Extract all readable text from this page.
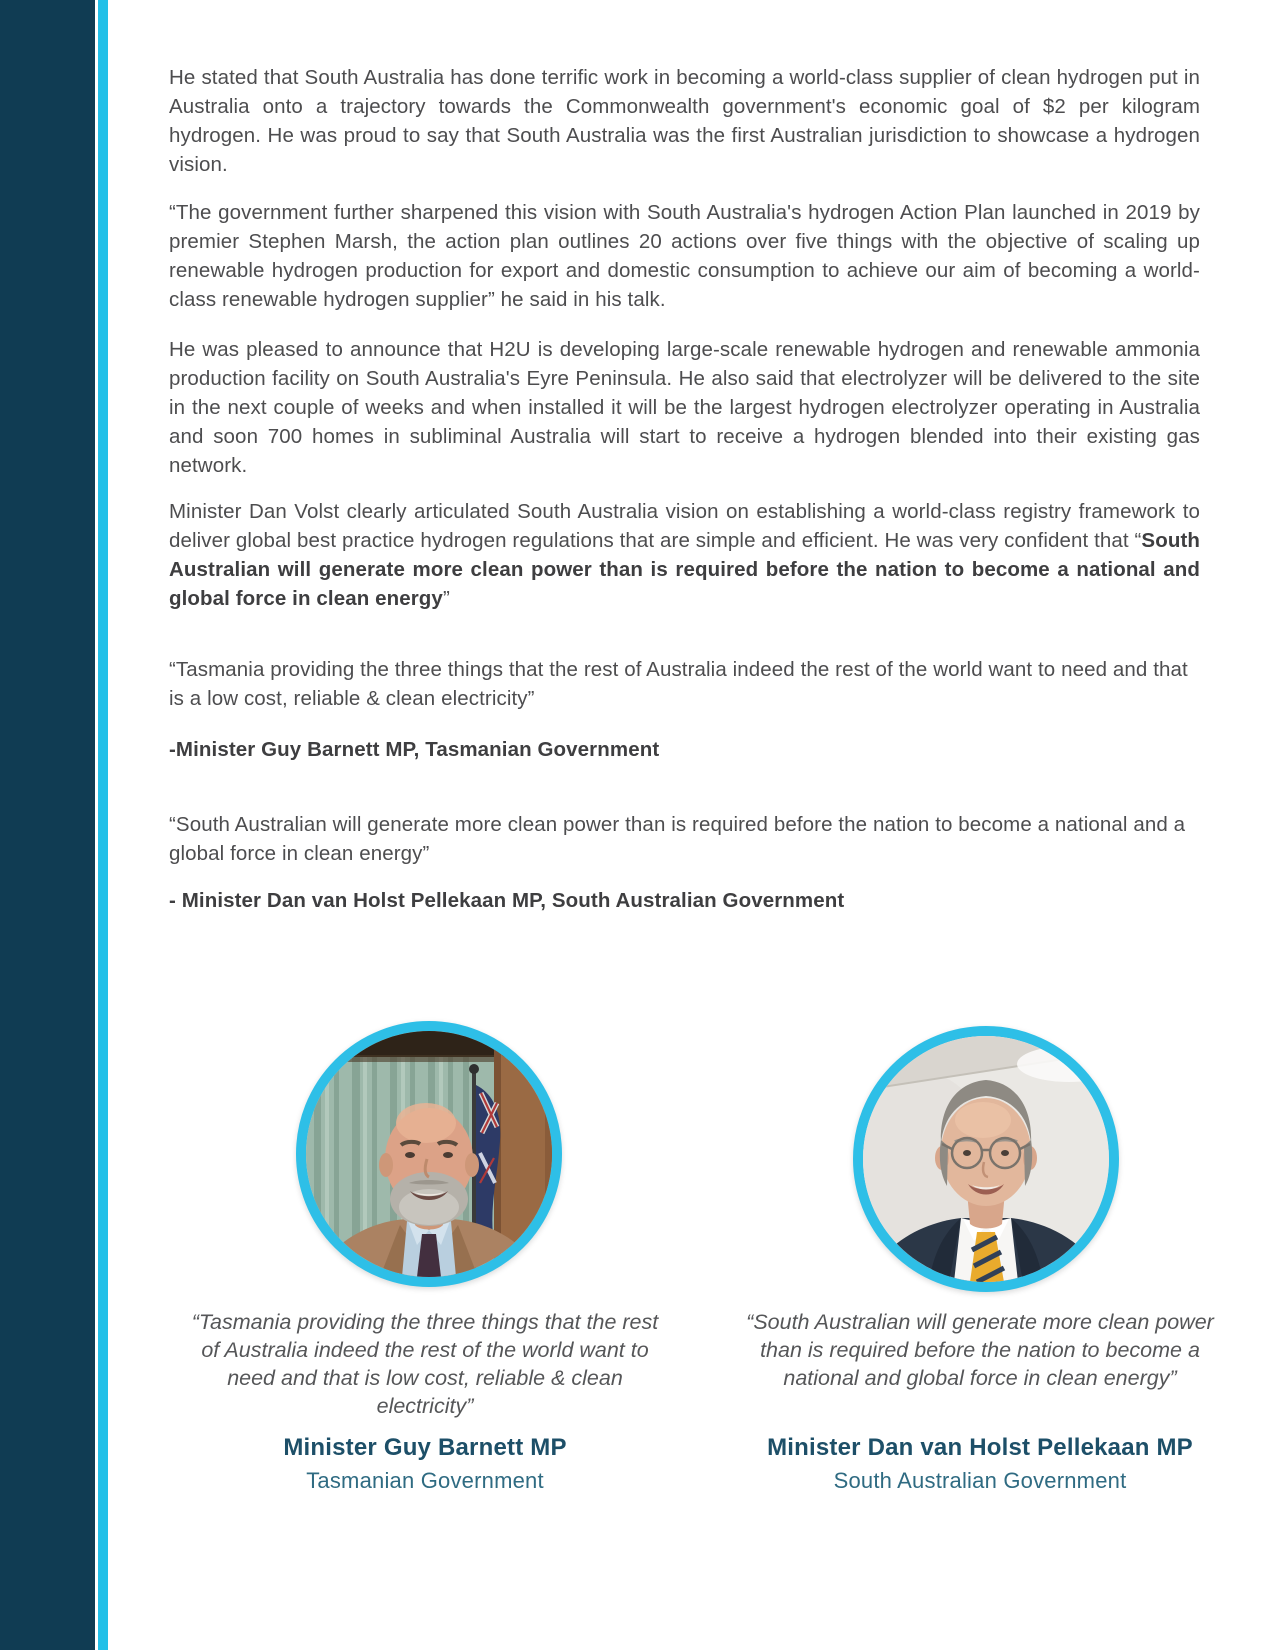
He stated that South Australia has done terrific work in becoming a world-class supplier of clean hydrogen put in Australia onto a trajectory towards the Commonwealth government's economic goal of $2 per kilogram hydrogen. He was proud to say that South Australia was the first Australian jurisdiction to showcase a hydrogen vision.
“The government further sharpened this vision with South Australia's hydrogen Action Plan launched in 2019 by premier Stephen Marsh, the action plan outlines 20 actions over five things with the objective of scaling up renewable hydrogen production for export and domestic consumption to achieve our aim of becoming a world-class renewable hydrogen supplier” he said in his talk.
He was pleased to announce that H2U is developing large-scale renewable hydrogen and renewable ammonia production facility on South Australia's Eyre Peninsula. He also said that electrolyzer will be delivered to the site in the next couple of weeks and when installed it will be the largest hydrogen electrolyzer operating in Australia and soon 700 homes in subliminal Australia will start to receive a hydrogen blended into their existing gas network.
Minister Dan Volst clearly articulated South Australia vision on establishing a world-class registry framework to deliver global best practice hydrogen regulations that are simple and efficient. He was very confident that “South Australian will generate more clean power than is required before the nation to become a national and global force in clean energy”
“Tasmania providing the three things that the rest of Australia indeed the rest of the world want to need and that is a low cost, reliable & clean electricity”
-Minister Guy Barnett MP, Tasmanian Government
“South Australian will generate more clean power than is required before the nation to become a national and a global force in clean energy”
- Minister Dan van Holst Pellekaan MP, South Australian Government
“Tasmania providing the three things that the rest of Australia indeed the rest of the world want to need and that is low cost, reliable & clean electricity”
“South Australian will generate more clean power than is required before the nation to become a national and global force in clean energy”
Minister Guy Barnett MP	Minister Dan van Holst Pellekaan MP
Tasmanian Government	South Australian Government
